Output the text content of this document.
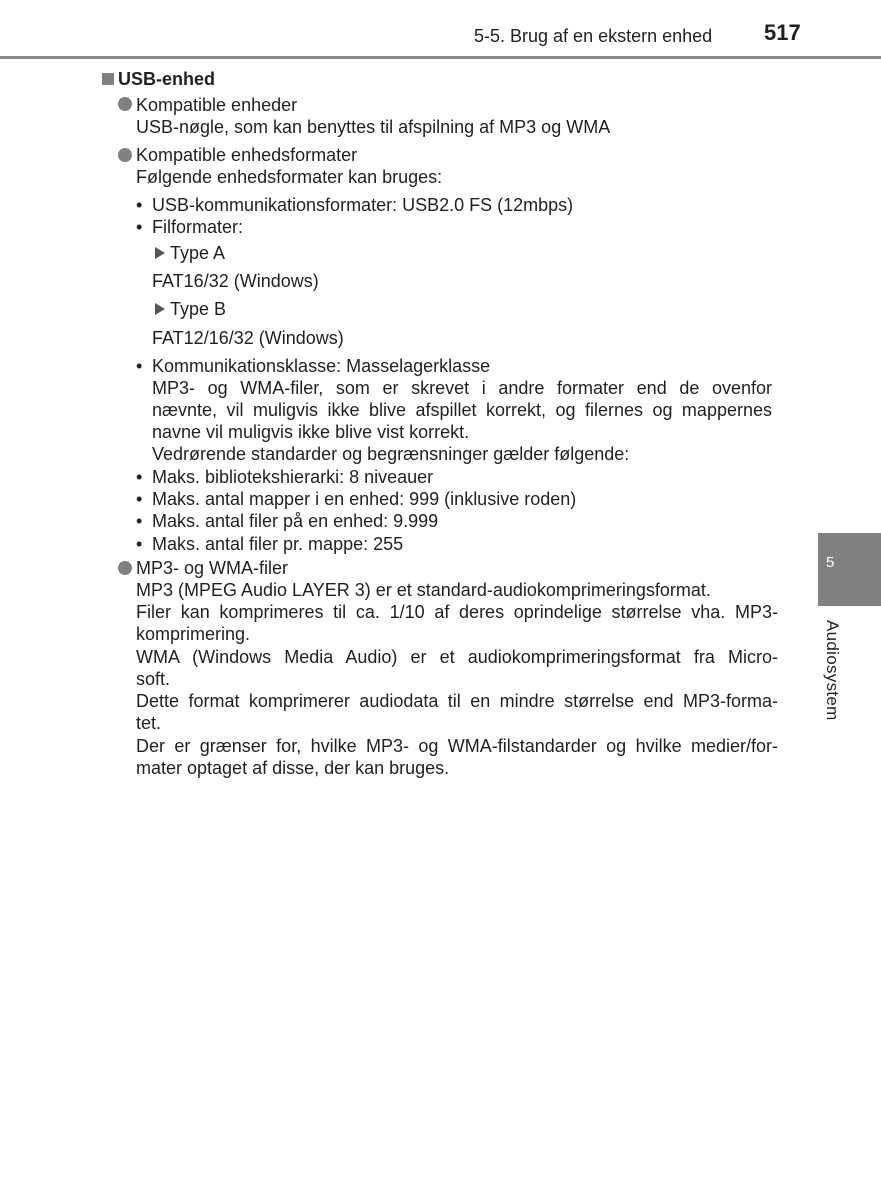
5-5. Brug af en ekstern enhed 517
USB-enhed
Kompatible enheder
USB-nøgle, som kan benyttes til afspilning af MP3 og WMA
Kompatible enhedsformater
Følgende enhedsformater kan bruges:
• USB-kommunikationsformater: USB2.0 FS (12mbps)
• Filformater:
Type A
FAT16/32 (Windows)
Type B
FAT12/16/32 (Windows)
• Kommunikationsklasse: Masselagerklasse
MP3- og WMA-filer, som er skrevet i andre formater end de ovenfor
nævnte, vil muligvis ikke blive afspillet korrekt, og filernes og mappernes
navne vil muligvis ikke blive vist korrekt.
Vedrørende standarder og begrænsninger gælder følgende:
• Maks. bibliotekshierarki: 8 niveauer
• Maks. antal mapper i en enhed: 999 (inklusive roden)
• Maks. antal filer på en enhed: 9.999
• Maks. antal filer pr. mappe: 255
MP3- og WMA-filer
MP3 (MPEG Audio LAYER 3) er et standard-audiokomprimeringsformat.
Filer kan komprimeres til ca. 1/10 af deres oprindelige størrelse vha. MP3-
komprimering.
WMA (Windows Media Audio) er et audiokomprimeringsformat fra Micro-
soft.
Dette format komprimerer audiodata til en mindre størrelse end MP3-forma-
tet.
Der er grænser for, hvilke MP3- og WMA-filstandarder og hvilke medier/for-
mater optaget af disse, der kan bruges.
5
Audiosystem
